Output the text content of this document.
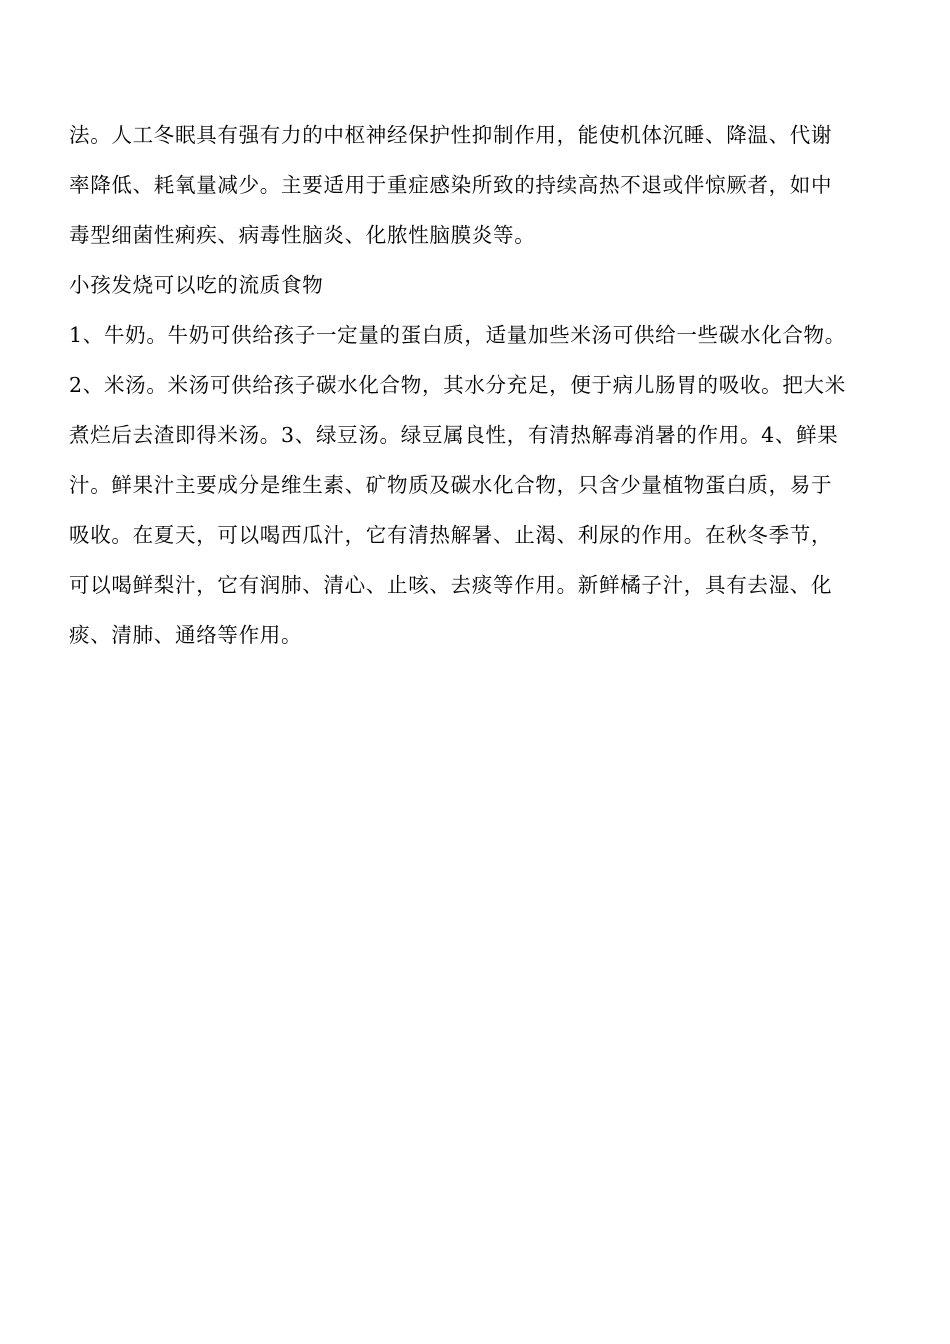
法。人工冬眠具有强有力的中枢神经保护性抑制作用，能使机体沉睡、降温、代谢
率降低、耗氧量减少。主要适用于重症感染所致的持续高热不退或伴惊厥者，如中
毒型细菌性痢疾、病毒性脑炎、化脓性脑膜炎等。
小孩发烧可以吃的流质食物
1、牛奶。牛奶可供给孩子一定量的蛋白质，适量加些米汤可供给一些碳水化合物。
2、米汤。米汤可供给孩子碳水化合物，其水分充足，便于病儿肠胃的吸收。把大米
煮烂后去渣即得米汤。3、绿豆汤。绿豆属良性，有清热解毒消暑的作用。4、鲜果
汁。鲜果汁主要成分是维生素、矿物质及碳水化合物，只含少量植物蛋白质，易于
吸收。在夏天，可以喝西瓜汁，它有清热解暑、止渴、利尿的作用。在秋冬季节，
可以喝鲜梨汁，它有润肺、清心、止咳、去痰等作用。新鲜橘子汁，具有去湿、化
痰、清肺、通络等作用。
